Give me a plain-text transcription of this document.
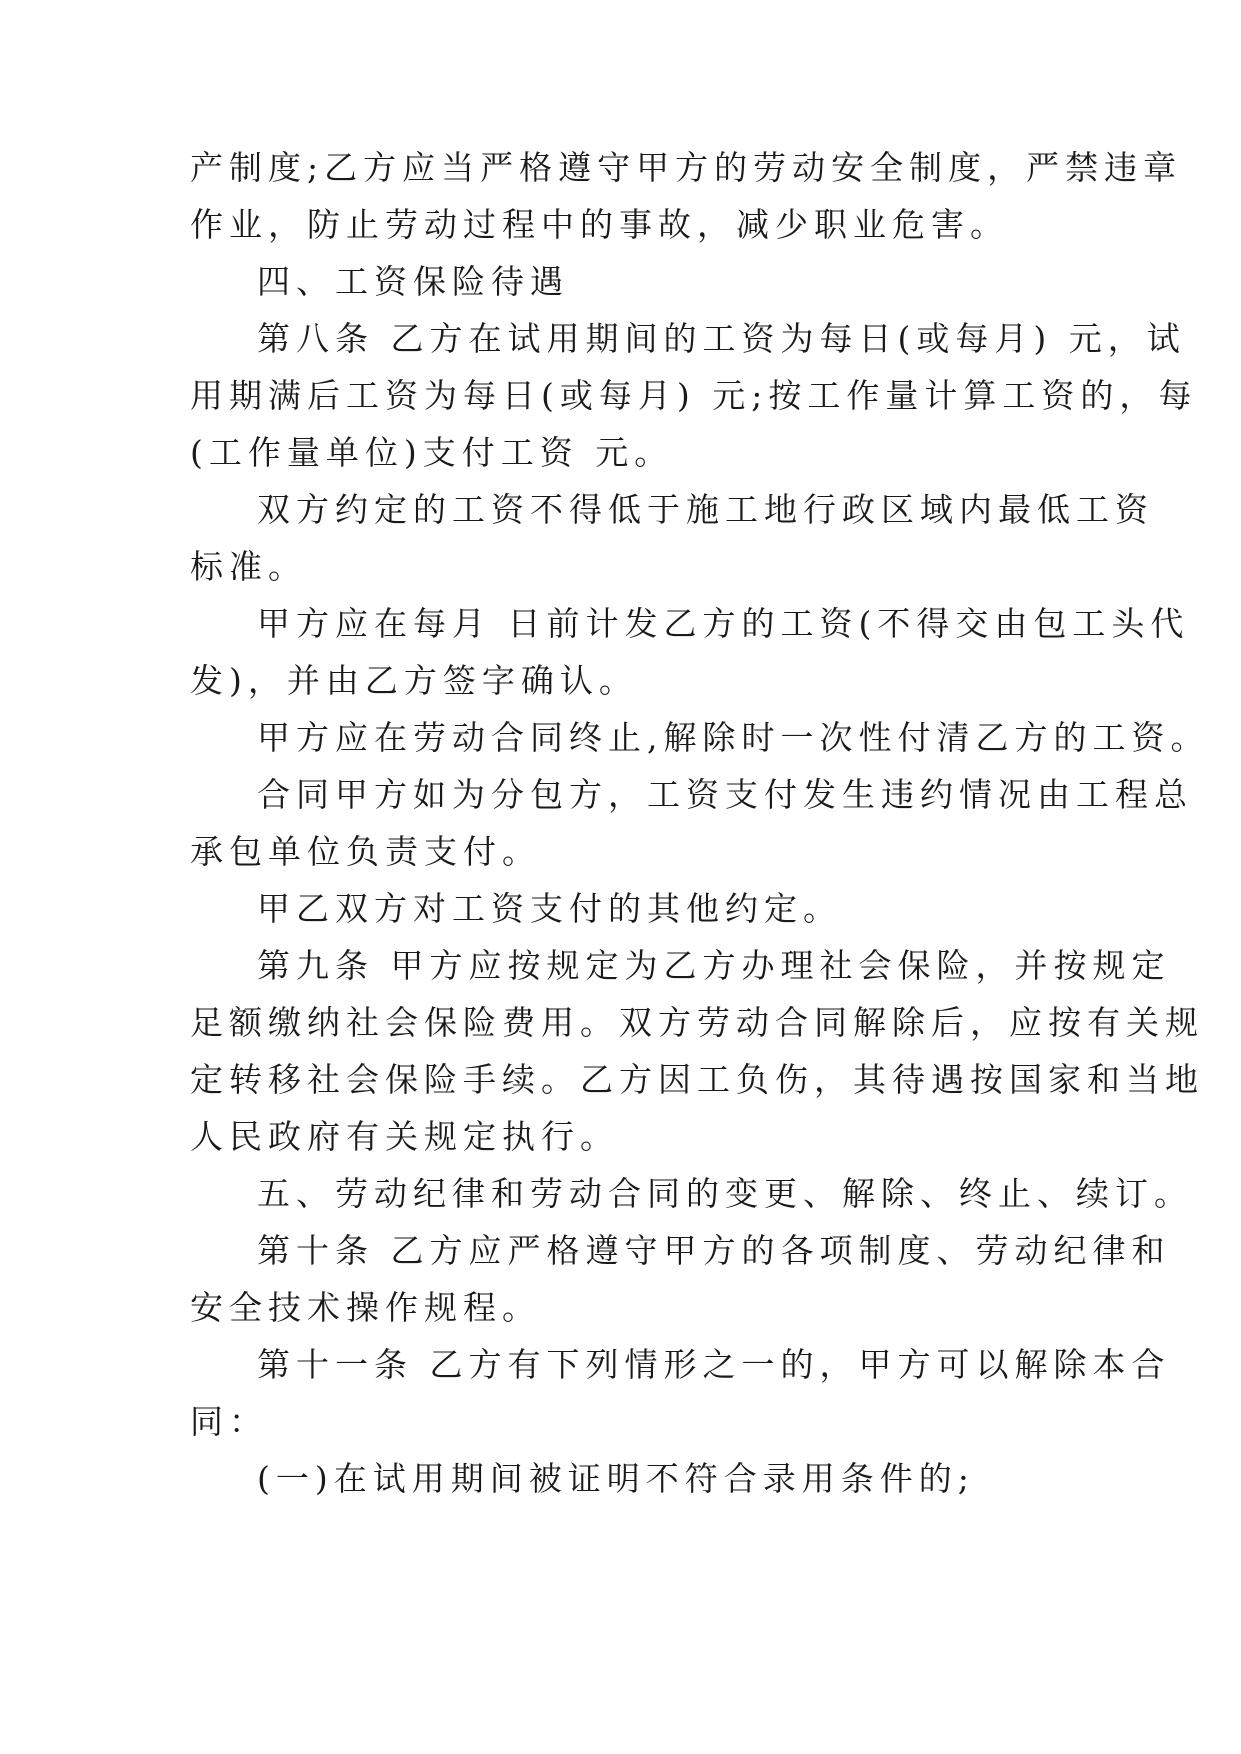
产制度;乙方应当严格遵守甲方的劳动安全制度，严禁违章
作业，防止劳动过程中的事故，减少职业危害。
四、工资保险待遇
第八条 乙方在试用期间的工资为每日(或每月) 元，试
用期满后工资为每日(或每月) 元;按工作量计算工资的，每
(工作量单位)支付工资 元。
双方约定的工资不得低于施工地行政区域内最低工资
标准。
甲方应在每月 日前计发乙方的工资(不得交由包工头代
发)，并由乙方签字确认。
甲方应在劳动合同终止,解除时一次性付清乙方的工资。
合同甲方如为分包方，工资支付发生违约情况由工程总
承包单位负责支付。
甲乙双方对工资支付的其他约定。
第九条 甲方应按规定为乙方办理社会保险，并按规定
足额缴纳社会保险费用。双方劳动合同解除后，应按有关规
定转移社会保险手续。乙方因工负伤，其待遇按国家和当地
人民政府有关规定执行。
五、劳动纪律和劳动合同的变更、解除、终止、续订。
第十条 乙方应严格遵守甲方的各项制度、劳动纪律和
安全技术操作规程。
第十一条 乙方有下列情形之一的，甲方可以解除本合
同：
(一)在试用期间被证明不符合录用条件的;
